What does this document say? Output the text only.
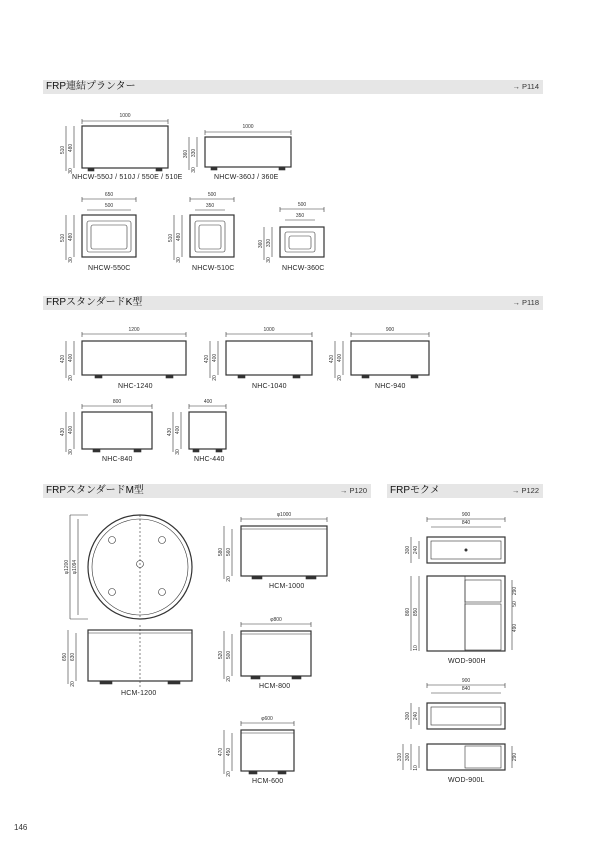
FRP連結プランター	→ P114
FRPスタンダードK型	→ P118
FRPスタンダードM型	→ P120 FRPモクメ	→ P122
1000
510 480
30
1000
360 330
30
650
500
510 480
30
500
350
510 480
30
500
350
360 330
30
1200
420 400
20
1000
420 400
20
900
420 400
20
800
430 400
30
400
430 400
30
φ1200 φ1094
650 630
20
φ1000
580 560
20
φ800
520 500
20
φ600
470 450
20
900
840
300 240
860 850
10
290
50
490
900
840
300 240
310 300
10
290
NHCW-550J / 510J / 550E / 510E	NHCW-360J / 360E
NHCW-550C	NHCW-510C	NHCW-360C
NHC-1240	NHC-1040	NHC-940
NHC-840	NHC-440
HCM-1000
HCM-1200
HCM-800
HCM-600
WOD-900H
WOD-900L
146
